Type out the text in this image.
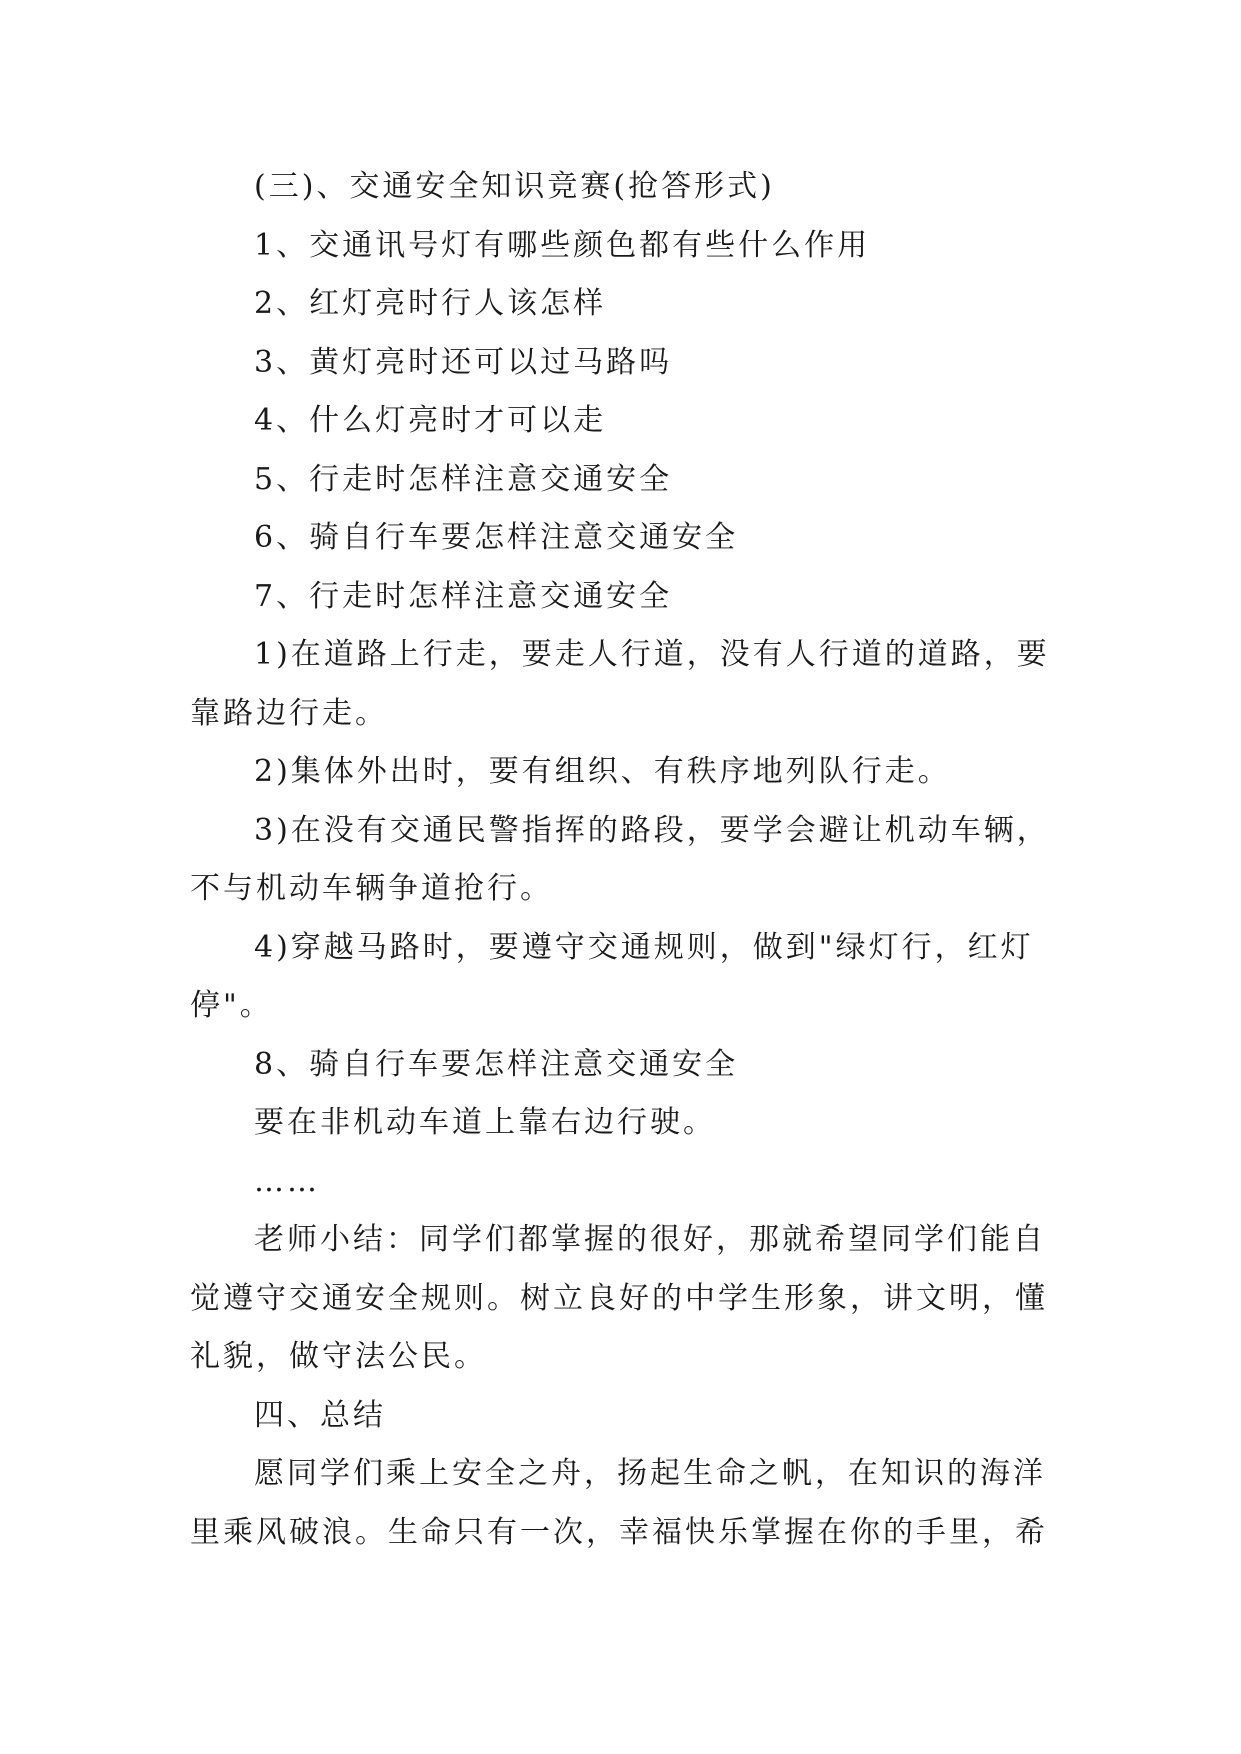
(三)、交通安全知识竞赛(抢答形式)

1、交通讯号灯有哪些颜色都有些什么作用

2、红灯亮时行人该怎样

3、黄灯亮时还可以过马路吗

4、什么灯亮时才可以走

5、行走时怎样注意交通安全

6、骑自行车要怎样注意交通安全

7、行走时怎样注意交通安全

1)在道路上行走，要走人行道，没有人行道的道路，要靠路边行走。

2)集体外出时，要有组织、有秩序地列队行走。

3)在没有交通民警指挥的路段，要学会避让机动车辆，不与机动车辆争道抢行。

4)穿越马路时，要遵守交通规则，做到"绿灯行，红灯停"。

8、骑自行车要怎样注意交通安全

要在非机动车道上靠右边行驶。

……

老师小结：同学们都掌握的很好，那就希望同学们能自觉遵守交通安全规则。树立良好的中学生形象，讲文明，懂礼貌，做守法公民。

四、总结

愿同学们乘上安全之舟，扬起生命之帆，在知识的海洋里乘风破浪。生命只有一次，幸福快乐掌握在你的手里，希
